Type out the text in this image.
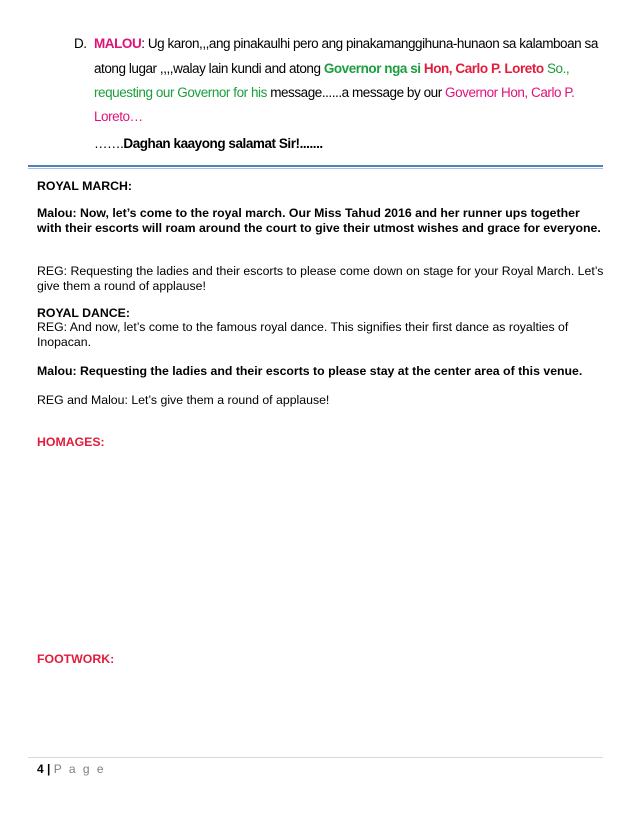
D. MALOU: Ug karon,,,ang pinakaulhi pero ang pinakamanggihuna-hunaon sa kalamboan sa
atong lugar ,,,,walay lain kundi and atong Governor nga si Hon, Carlo P. Loreto So.,
requesting our Governor for his message......a message by our Governor Hon, Carlo P.
Loreto…
…….Daghan kaayong salamat Sir!.......
ROYAL MARCH:
Malou: Now, let’s come to the royal march. Our Miss Tahud 2016 and her runner ups together with their escorts will roam around the court to give their utmost wishes and grace for everyone.
REG: Requesting the ladies and their escorts to please come down on stage for your Royal March. Let’s give them a round of applause!
ROYAL DANCE:
REG: And now, let’s come to the famous royal dance. This signifies their first dance as royalties of Inopacan.
Malou: Requesting the ladies and their escorts to please stay at the center area of this venue.
REG and Malou: Let’s give them a round of applause!
HOMAGES:
FOOTWORK:
4 | P a g e
